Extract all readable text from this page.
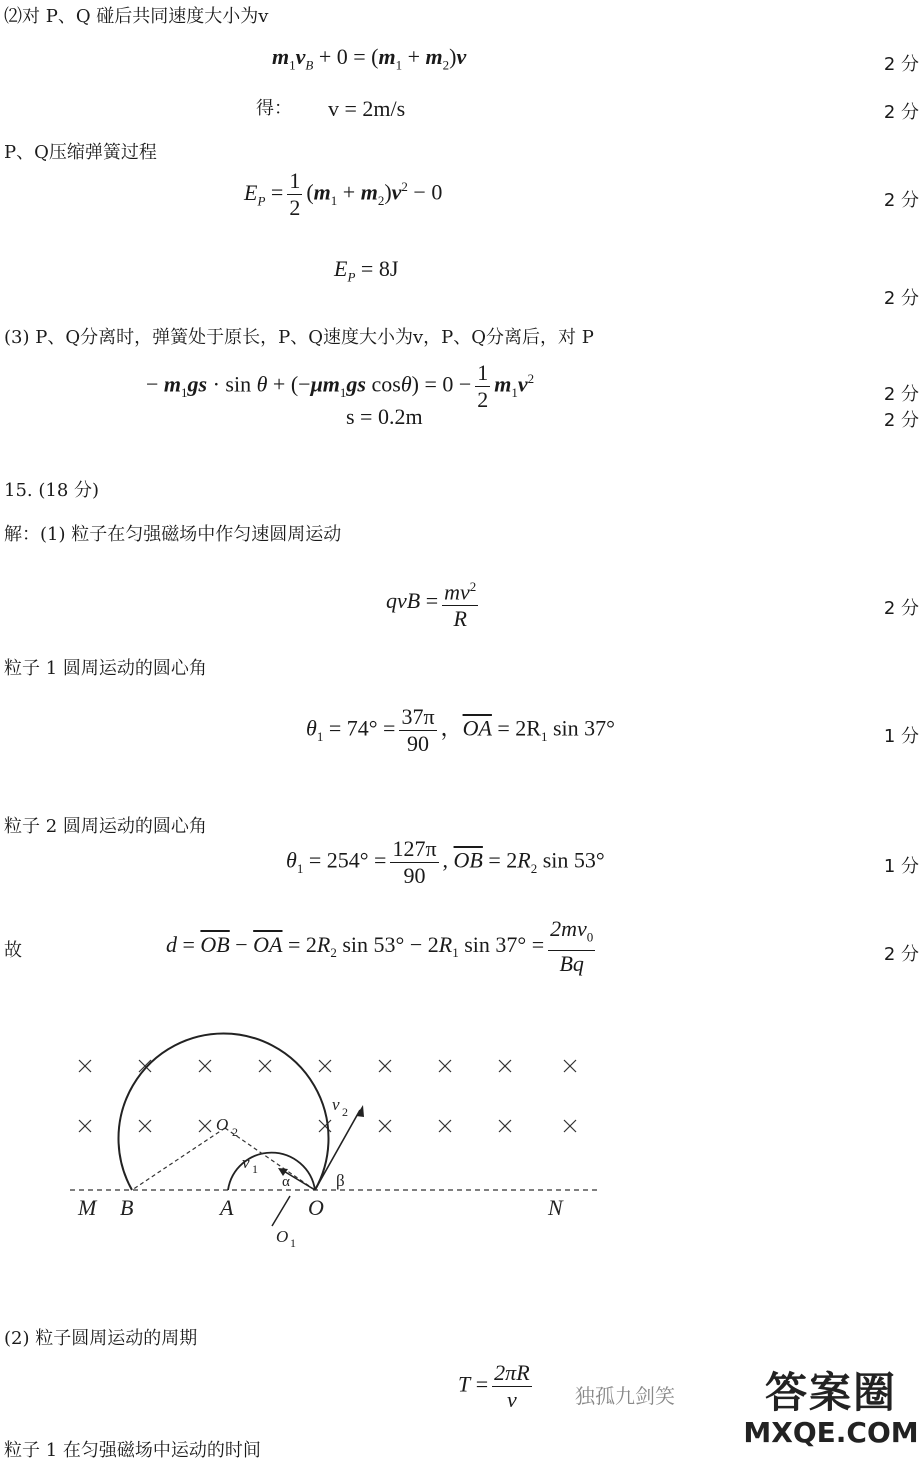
⑵对 P、Q 碰后共同速度大小为v
$m_1v_B + 0 = (m_1 + m_2)v$	2 分
得： v = 2m/s	2 分
P、Q压缩弹簧过程
$E_P = \frac{1}{2} (m_1 + m_2)v^2 - 0$	2 分
$E_P = 8J$
2 分
(3) P、Q分离时，弹簧处于原长，P、Q速度大小为v，P、Q分离后，对 P
− $m_1gs \cdot \sin \theta + (-\mu m_1gs$ $\cos\theta) = 0 - \frac{1}{2} m_1v^2$
2 分
s = 0.2m	2 分
15. (18 分)
解：(1) 粒子在匀强磁场中作匀速圆周运动
qvB = $\frac{mv^2}{R}$	2 分
粒子 1 圆周运动的圆心角
$\theta_1 = 74^\circ = \frac{37\pi}{90}$ ，$\overline{OA} = 2R_1$ sin 37°	1 分
粒子 2 圆周运动的圆心角
$\theta_1 = 254^\circ = \frac{127\pi}{90}$ , $\overline{OB} = 2R_2$ sin 53°	1 分
故	$d = \overline{OB} - \overline{OA} = 2R_2$ $\sin 53^\circ - 2R_1$ $\sin 37^\circ = \frac{2mv_0}{Bq}$	2 分
M B	A	O	N
O 2
O 1
v 1
v 2
α	β
(2) 粒子圆周运动的周期
$T = \frac{2\pi R}{v}$
粒子 1 在匀强磁场中运动的时间
独孤九剑笑	答案圈
MXQE.COM
